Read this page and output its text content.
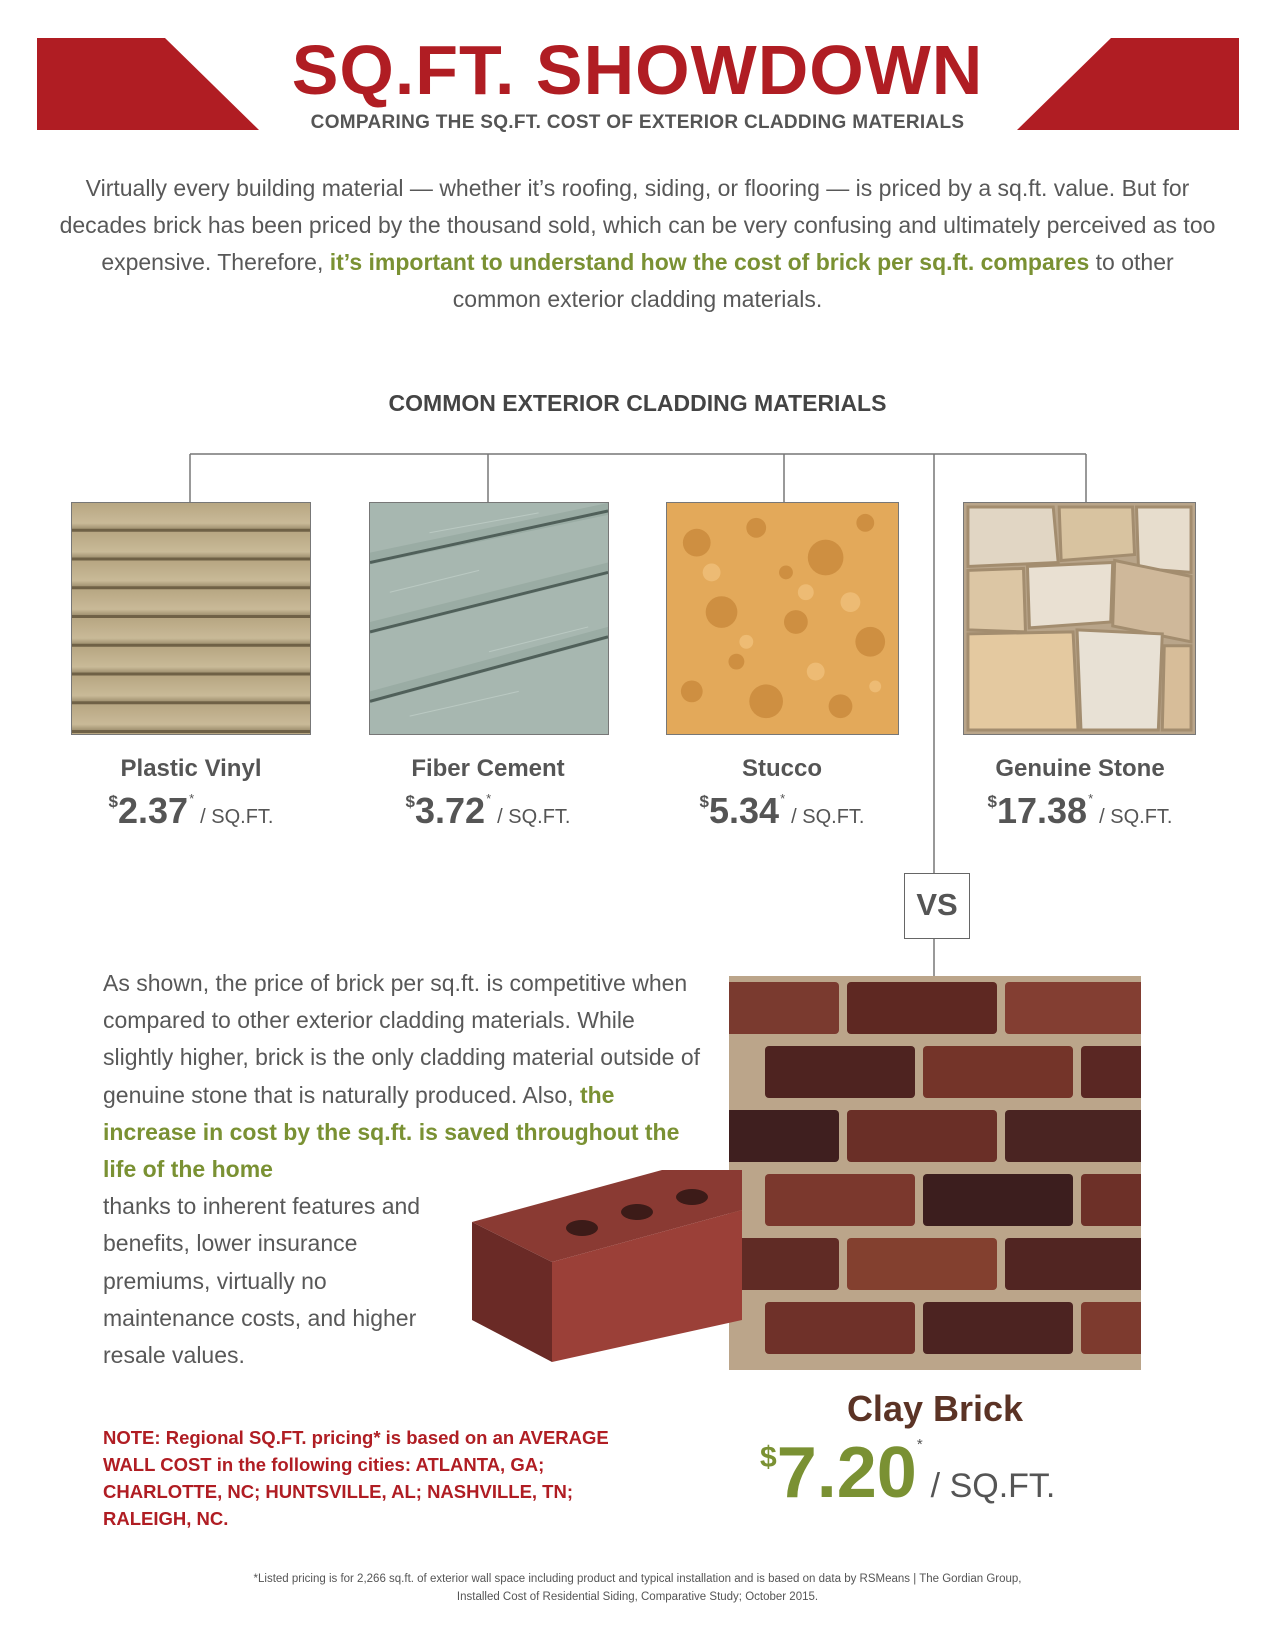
SQ.FT. SHOWDOWN
COMPARING THE SQ.FT. COST OF EXTERIOR CLADDING MATERIALS

Virtually every building material — whether it’s roofing, siding, or flooring — is priced by a sq.ft. value. But for decades brick has been priced by the thousand sold, which can be very confusing and ultimately perceived as too expensive. Therefore, it’s important to understand how the cost of brick per sq.ft. compares to other common exterior cladding materials.

COMMON EXTERIOR CLADDING MATERIALS
Plastic Vinyl
$2.37*/ SQ.FT.
Fiber Cement
$3.72*/ SQ.FT.
Stucco
$5.34*/ SQ.FT.
Genuine Stone
$17.38*/ SQ.FT.
VS
As shown, the price of brick per sq.ft. is competitive when compared to other exterior cladding materials. While slightly higher, brick is the only cladding material outside of genuine stone that is naturally produced. Also, the increase in cost by the sq.ft. is saved throughout the life of the home
thanks to inherent features and benefits, lower insurance premiums, virtually no maintenance costs, and higher resale values.
Clay Brick
$7.20*/ SQ.FT.
NOTE: Regional SQ.FT. pricing* is based on an AVERAGE WALL COST in the following cities: ATLANTA, GA; CHARLOTTE, NC; HUNTSVILLE, AL; NASHVILLE, TN; RALEIGH, NC.
*Listed pricing is for 2,266 sq.ft. of exterior wall space including product and typical installation and is based on data by RSMeans | The Gordian Group,
Installed Cost of Residential Siding, Comparative Study; October 2015.
